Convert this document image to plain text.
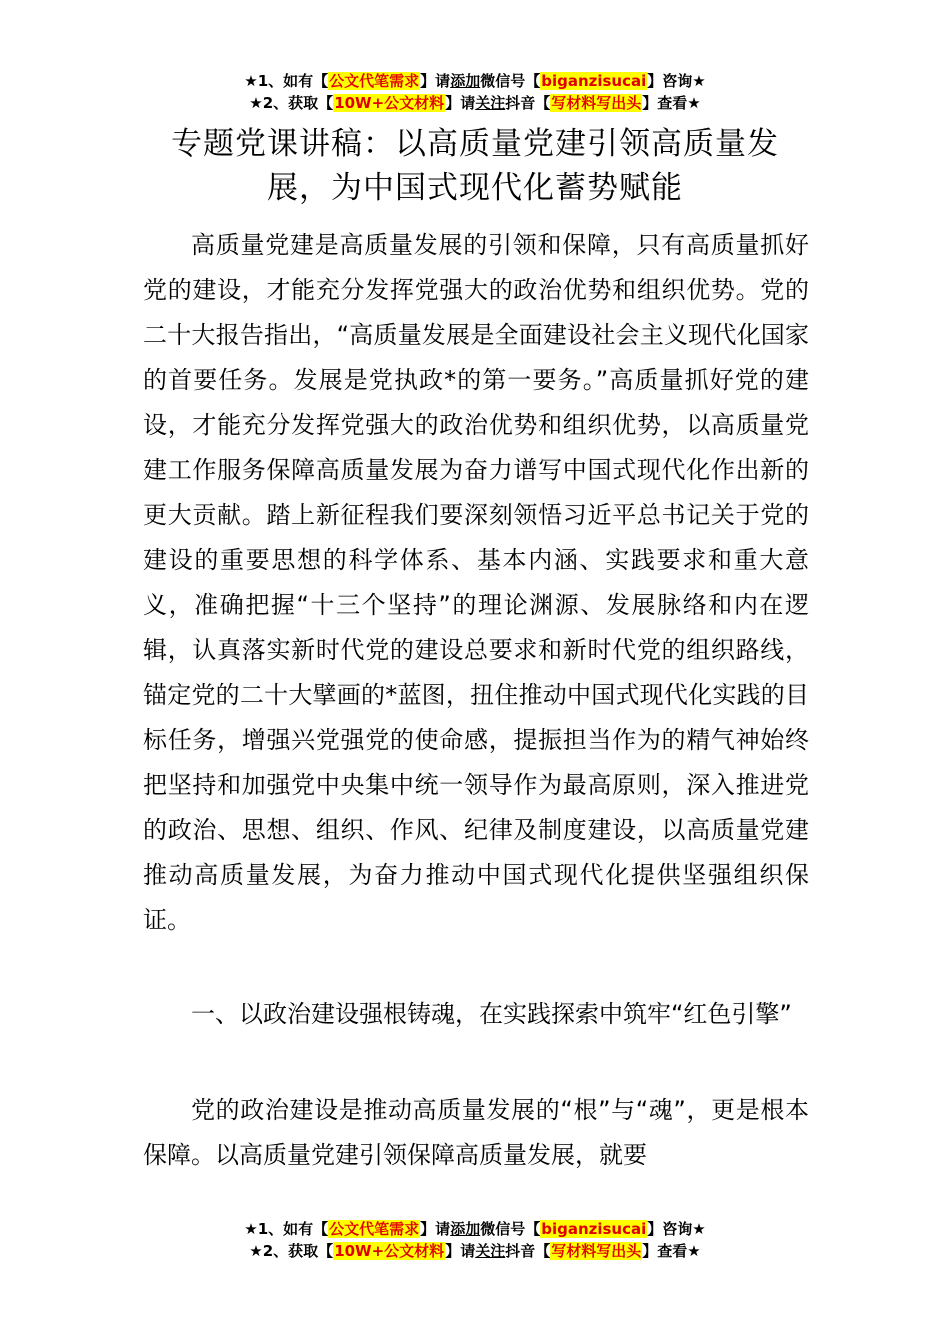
★1、如有【公文代笔需求】请添加微信号【biganzisucai】咨询★
★2、获取【10W+公文材料】请关注抖音【写材料写出头】查看★
专题党课讲稿：以高质量党建引领高质量发展，为中国式现代化蓄势赋能

高质量党建是高质量发展的引领和保障，只有高质量抓好党的建设，才能充分发挥党强大的政治优势和组织优势。党的二十大报告指出，“高质量发展是全面建设社会主义现代化国家的首要任务。发展是党执政*的第一要务。”高质量抓好党的建设，才能充分发挥党强大的政治优势和组织优势，以高质量党建工作服务保障高质量发展为奋力谱写中国式现代化作出新的更大贡献。踏上新征程我们要深刻领悟习近平总书记关于党的建设的重要思想的科学体系、基本内涵、实践要求和重大意义，准确把握“十三个坚持”的理论渊源、发展脉络和内在逻辑，认真落实新时代党的建设总要求和新时代党的组织路线，锚定党的二十大擘画的*蓝图，扭住推动中国式现代化实践的目标任务，增强兴党强党的使命感，提振担当作为的精气神始终把坚持和加强党中央集中统一领导作为最高原则，深入推进党的政治、思想、组织、作风、纪律及制度建设，以高质量党建推动高质量发展，为奋力推动中国式现代化提供坚强组织保证。

一、以政治建设强根铸魂，在实践探索中筑牢“红色引擎”

党的政治建设是推动高质量发展的“根”与“魂”，更是根本保障。以高质量党建引领保障高质量发展，就要

★1、如有【公文代笔需求】请添加微信号【biganzisucai】咨询★
★2、获取【10W+公文材料】请关注抖音【写材料写出头】查看★
